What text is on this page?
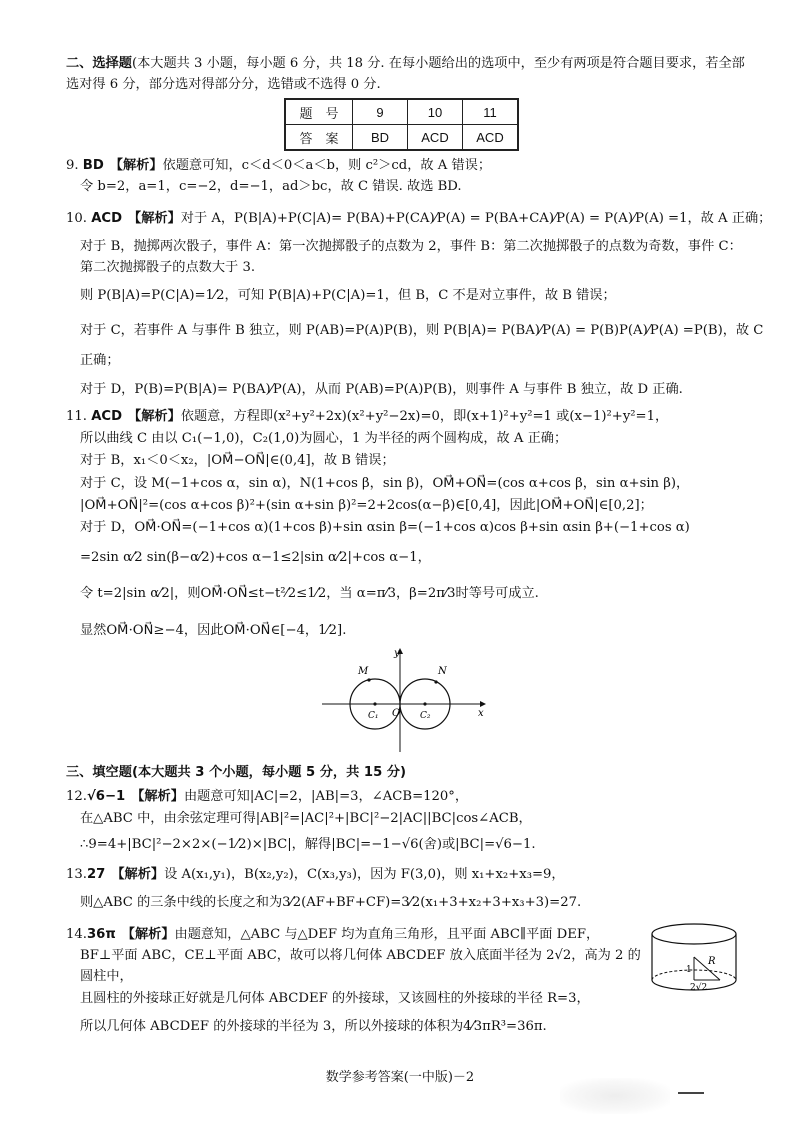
二、选择题(本大题共 3 小题，每小题 6 分，共 18 分. 在每小题给出的选项中，至少有两项是符合题目要求，若全部
选对得 6 分，部分选对得部分分，选错或不选得 0 分.
题　号	9	10	11
答　案	BD	ACD	ACD
9. BD 【解析】依题意可知，c＜d＜0＜a＜b，则 c²＞cd，故 A 错误；
令 b=2，a=1，c=−2，d=−1，ad＞bc，故 C 错误. 故选 BD.
10. ACD 【解析】对于 A，P(B|A)+P(C|A)= P(BA)+P(CA)⁄P(A) = P(BA+CA)⁄P(A) = P(A)⁄P(A) =1，故 A 正确；
对于 B，抛掷两次骰子，事件 A：第一次抛掷骰子的点数为 2，事件 B：第二次抛掷骰子的点数为奇数，事件 C：
第二次抛掷骰子的点数大于 3.
则 P(B|A)=P(C|A)=1⁄2，可知 P(B|A)+P(C|A)=1，但 B，C 不是对立事件，故 B 错误；
对于 C，若事件 A 与事件 B 独立，则 P(AB)=P(A)P(B)，则 P(B|A)= P(BA)⁄P(A) = P(B)P(A)⁄P(A) =P(B)，故 C
正确；
对于 D，P(B)=P(B|A)= P(BA)⁄P(A)，从而 P(AB)=P(A)P(B)，则事件 A 与事件 B 独立，故 D 正确.
11. ACD 【解析】依题意，方程即(x²+y²+2x)(x²+y²−2x)=0，即(x+1)²+y²=1 或(x−1)²+y²=1，
所以曲线 C 由以 C₁(−1,0)，C₂(1,0)为圆心，1 为半径的两个圆构成，故 A 正确；
对于 B，x₁＜0＜x₂，|OM⃗−ON⃗|∈(0,4]，故 B 错误；
对于 C，设 M(−1+cos α，sin α)，N(1+cos β，sin β)，OM⃗+ON⃗=(cos α+cos β，sin α+sin β)，
|OM⃗+ON⃗|²=(cos α+cos β)²+(sin α+sin β)²=2+2cos(α−β)∈[0,4]，因此|OM⃗+ON⃗|∈[0,2]；
对于 D，OM⃗·ON⃗=(−1+cos α)(1+cos β)+sin αsin β=(−1+cos α)cos β+sin αsin β+(−1+cos α)
=2sin α⁄2 sin(β−α⁄2)+cos α−1≤2|sin α⁄2|+cos α−1，
令 t=2|sin α⁄2|，则OM⃗·ON⃗≤t−t²⁄2≤1⁄2，当 α=π⁄3，β=2π⁄3时等号可成立.
显然OM⃗·ON⃗≥−4，因此OM⃗·ON⃗∈[−4，1⁄2].
y
x
O
M	N
C₁	C₂
三、填空题(本大题共 3 个小题，每小题 5 分，共 15 分)
12.√6−1 【解析】由题意可知|AC|=2，|AB|=3，∠ACB=120°，
在△ABC 中，由余弦定理可得|AB|²=|AC|²+|BC|²−2|AC||BC|cos∠ACB，
∴9=4+|BC|²−2×2×(−1⁄2)×|BC|，解得|BC|=−1−√6(舍)或|BC|=√6−1.
13.27 【解析】设 A(x₁,y₁)，B(x₂,y₂)，C(x₃,y₃)，因为 F(3,0)，则 x₁+x₂+x₃=9，
则△ABC 的三条中线的长度之和为3⁄2(AF+BF+CF)=3⁄2(x₁+3+x₂+3+x₃+3)=27.
14.36π 【解析】由题意知，△ABC 与△DEF 均为直角三角形，且平面 ABC∥平面 DEF，
BF⊥平面 ABC，CE⊥平面 ABC，故可以将几何体 ABCDEF 放入底面半径为 2√2，高为 2 的
圆柱中，
且圆柱的外接球正好就是几何体 ABCDEF 的外接球，又该圆柱的外接球的半径 R=3，
所以几何体 ABCDEF 的外接球的半径为 3，所以外接球的体积为4⁄3πR³=36π.
1
R
2√2
数学参考答案(一中版)－2
